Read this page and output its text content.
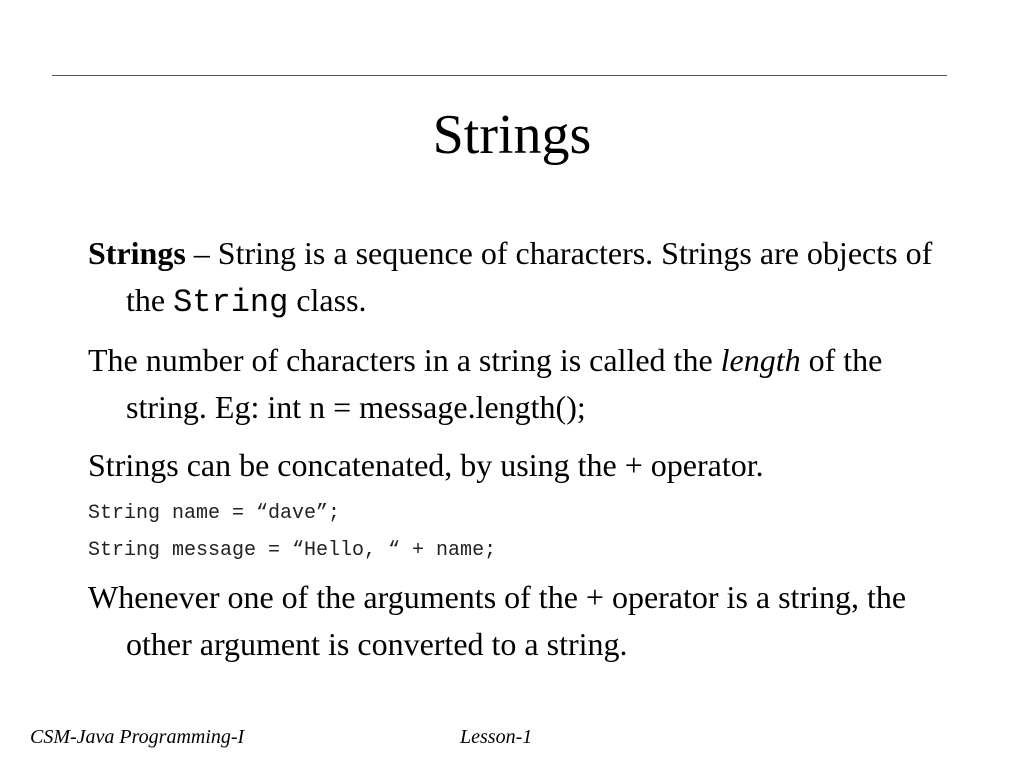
Strings

Strings – String is a sequence of characters. Strings are objects of the String class.

The number of characters in a string is called the length of the string. Eg: int n = message.length();

Strings can be concatenated, by using the + operator.

String name = “dave”;
String message = “Hello, “ + name;

Whenever one of the arguments of the + operator is a string, the other argument is converted to a string.

CSM-Java Programming-I	Lesson-1
